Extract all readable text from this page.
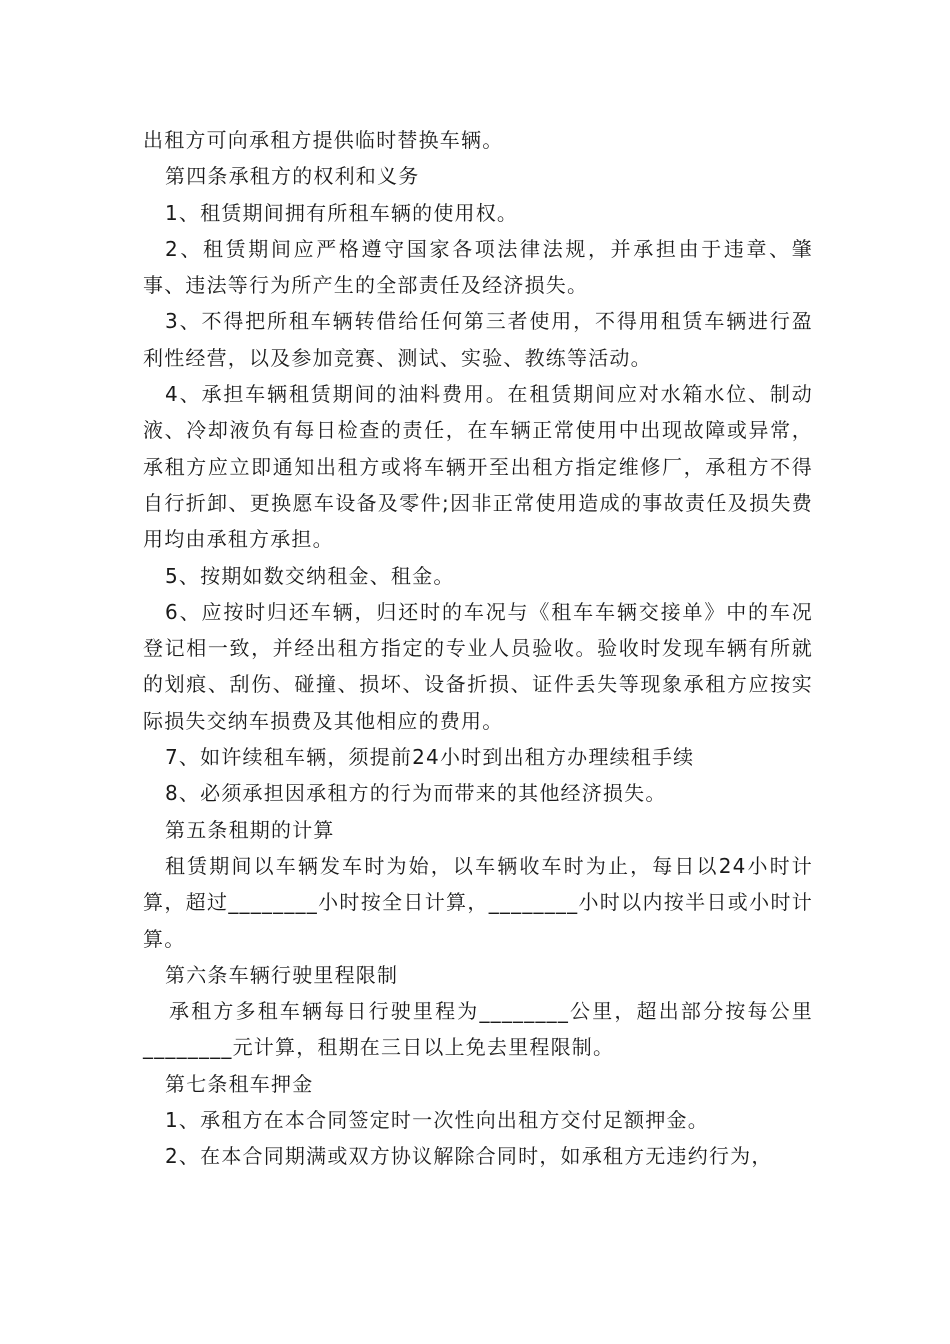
出租方可向承租方提供临时替换车辆。

第四条承租方的权利和义务

1、租赁期间拥有所租车辆的使用权。

2、租赁期间应严格遵守国家各项法律法规，并承担由于违章、肇事、违法等行为所产生的全部责任及经济损失。

3、不得把所租车辆转借给任何第三者使用，不得用租赁车辆进行盈利性经营，以及参加竞赛、测试、实验、教练等活动。

4、承担车辆租赁期间的油料费用。在租赁期间应对水箱水位、制动液、冷却液负有每日检查的责任，在车辆正常使用中出现故障或异常，承租方应立即通知出租方或将车辆开至出租方指定维修厂，承租方不得自行折卸、更换愿车设备及零件;因非正常使用造成的事故责任及损失费用均由承租方承担。

5、按期如数交纳租金、租金。

6、应按时归还车辆，归还时的车况与《租车车辆交接单》中的车况登记相一致，并经出租方指定的专业人员验收。验收时发现车辆有所就的划痕、刮伤、碰撞、损坏、设备折损、证件丢失等现象承租方应按实际损失交纳车损费及其他相应的费用。

7、如许续租车辆，须提前24小时到出租方办理续租手续

8、必须承担因承租方的行为而带来的其他经济损失。

第五条租期的计算

租赁期间以车辆发车时为始，以车辆收车时为止，每日以24小时计算，超过________小时按全日计算，________小时以内按半日或小时计算。

第六条车辆行驶里程限制

承租方多租车辆每日行驶里程为________公里，超出部分按每公里________元计算，租期在三日以上免去里程限制。

第七条租车押金

1、承租方在本合同签定时一次性向出租方交付足额押金。

2、在本合同期满或双方协议解除合同时，如承租方无违约行为，
